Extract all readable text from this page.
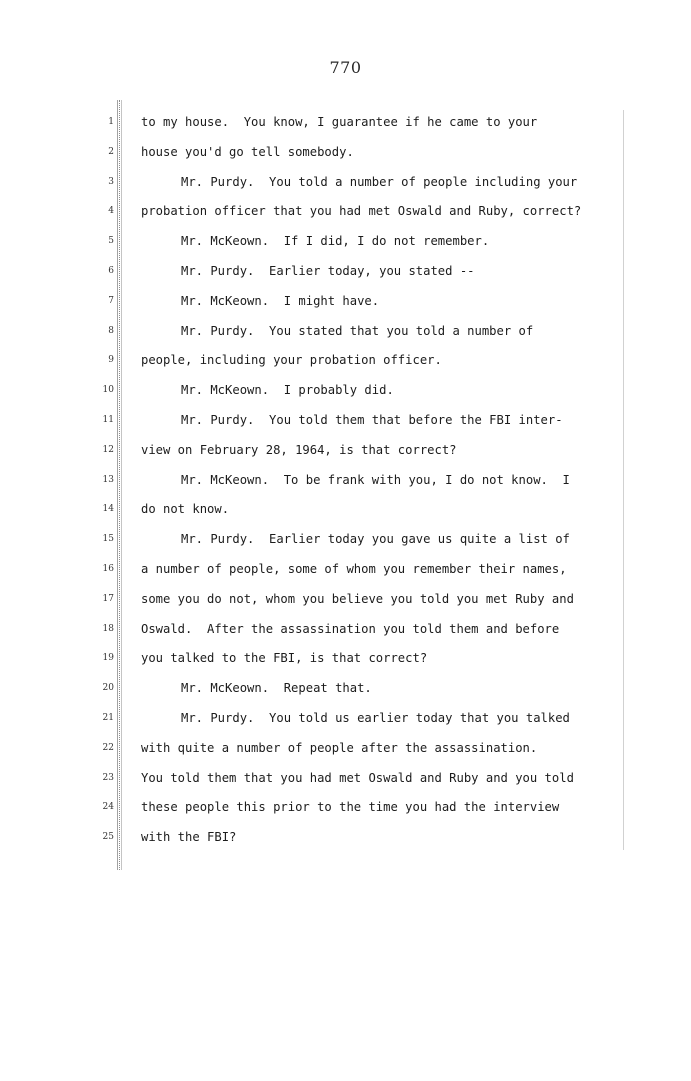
770
1
2
3
4
5
6
7
8
9
10
11
12
13
14
15
16
17
18
19
20
21
22
23
24
25
to my house.  You know, I guarantee if he came to your
house you'd go tell somebody.
Mr. Purdy.  You told a number of people including your
probation officer that you had met Oswald and Ruby, correct?
Mr. McKeown.  If I did, I do not remember.
Mr. Purdy.  Earlier today, you stated --
Mr. McKeown.  I might have.
Mr. Purdy.  You stated that you told a number of
people, including your probation officer.
Mr. McKeown.  I probably did.
Mr. Purdy.  You told them that before the FBI inter-
view on February 28, 1964, is that correct?
Mr. McKeown.  To be frank with you, I do not know.  I
do not know.
Mr. Purdy.  Earlier today you gave us quite a list of
a number of people, some of whom you remember their names,
some you do not, whom you believe you told you met Ruby and
Oswald.  After the assassination you told them and before
you talked to the FBI, is that correct?
Mr. McKeown.  Repeat that.
Mr. Purdy.  You told us earlier today that you talked
with quite a number of people after the assassination.
You told them that you had met Oswald and Ruby and you told
these people this prior to the time you had the interview
with the FBI?
